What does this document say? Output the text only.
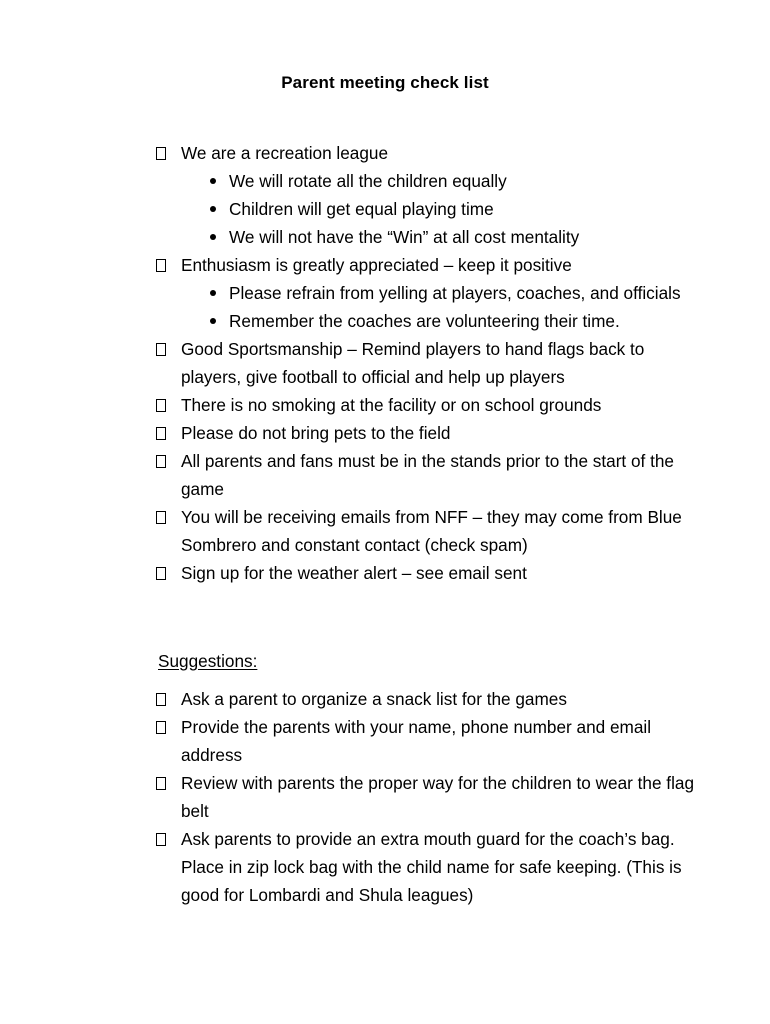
Parent meeting check list
We are a recreation league
We will rotate all the children equally
Children will get equal playing time
We will not have the “Win” at all cost mentality
Enthusiasm is greatly appreciated – keep it positive
Please refrain from yelling at players, coaches, and officials
Remember the coaches are volunteering their time.
Good Sportsmanship – Remind players to hand flags back to players, give football to official and help up players
There is no smoking at the facility or on school grounds
Please do not bring pets to the field
All parents and fans must be in the stands prior to the start of the game
You will be receiving emails from NFF – they may come from Blue Sombrero and constant contact (check spam)
Sign up for the weather alert – see email sent
Suggestions:
Ask a parent to organize a snack list for the games
Provide the parents with your name, phone number and email address
Review with parents the proper way for the children to wear the flag belt
Ask parents to provide an extra mouth guard for the coach’s bag. Place in zip lock bag with the child name for safe keeping. (This is good for Lombardi and Shula leagues)
